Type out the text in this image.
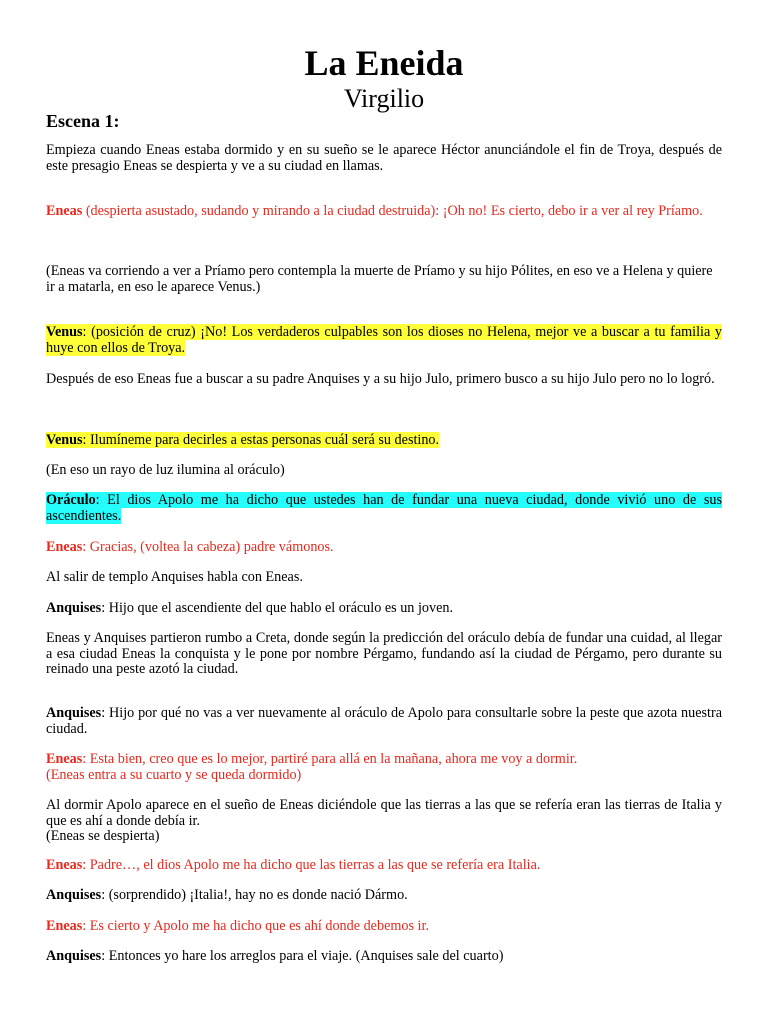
La Eneida
Virgilio
Escena 1:
Empieza cuando Eneas estaba dormido y en su sueño se le aparece Héctor anunciándole el fin de Troya, después de este presagio Eneas se despierta y ve a su ciudad en llamas.
Eneas (despierta asustado, sudando y mirando a la ciudad destruida): ¡Oh no! Es cierto, debo ir a ver al rey Príamo.
(Eneas va corriendo a ver a Príamo pero contempla la muerte de Príamo y su hijo Pólites, en eso ve a Helena y quiere ir a matarla, en eso le aparece Venus.)
Venus: (posición de cruz) ¡No! Los verdaderos culpables son los dioses no Helena, mejor ve a buscar a tu familia y huye con ellos de Troya.
Después de eso Eneas fue a buscar a su padre Anquises y a su hijo Julo, primero busco a su hijo Julo pero no lo logró.
Venus: Ilumíneme para decirles a estas personas cuál será su destino.
(En eso un rayo de luz ilumina al oráculo)
Oráculo: El dios Apolo me ha dicho que ustedes han de fundar una nueva ciudad, donde vivió uno de sus ascendientes.
Eneas: Gracias, (voltea la cabeza) padre vámonos.
Al salir de templo Anquises habla con Eneas.
Anquises: Hijo que el ascendiente del que hablo el oráculo es un joven.
Eneas y Anquises partieron rumbo a Creta, donde según la predicción del oráculo debía de fundar una cuidad, al llegar a esa ciudad Eneas la conquista y le pone por nombre Pérgamo, fundando así la ciudad de Pérgamo, pero durante su reinado una peste azotó la ciudad.
Anquises: Hijo por qué no vas a ver nuevamente al oráculo de Apolo para consultarle sobre la peste que azota nuestra ciudad.
Eneas: Esta bien, creo que es lo mejor, partiré para allá en la mañana, ahora me voy a dormir.
(Eneas entra a su cuarto y se queda dormido)
Al dormir Apolo aparece en el sueño de Eneas diciéndole que las tierras a las que se refería eran las tierras de Italia y que es ahí a donde debía ir.
(Eneas se despierta)
Eneas: Padre…, el dios Apolo me ha dicho que las tierras a las que se refería era Italia.
Anquises: (sorprendido) ¡Italia!, hay no es donde nació Dármo.
Eneas: Es cierto y Apolo me ha dicho que es ahí donde debemos ir.
Anquises: Entonces yo hare los arreglos para el viaje. (Anquises sale del cuarto)
